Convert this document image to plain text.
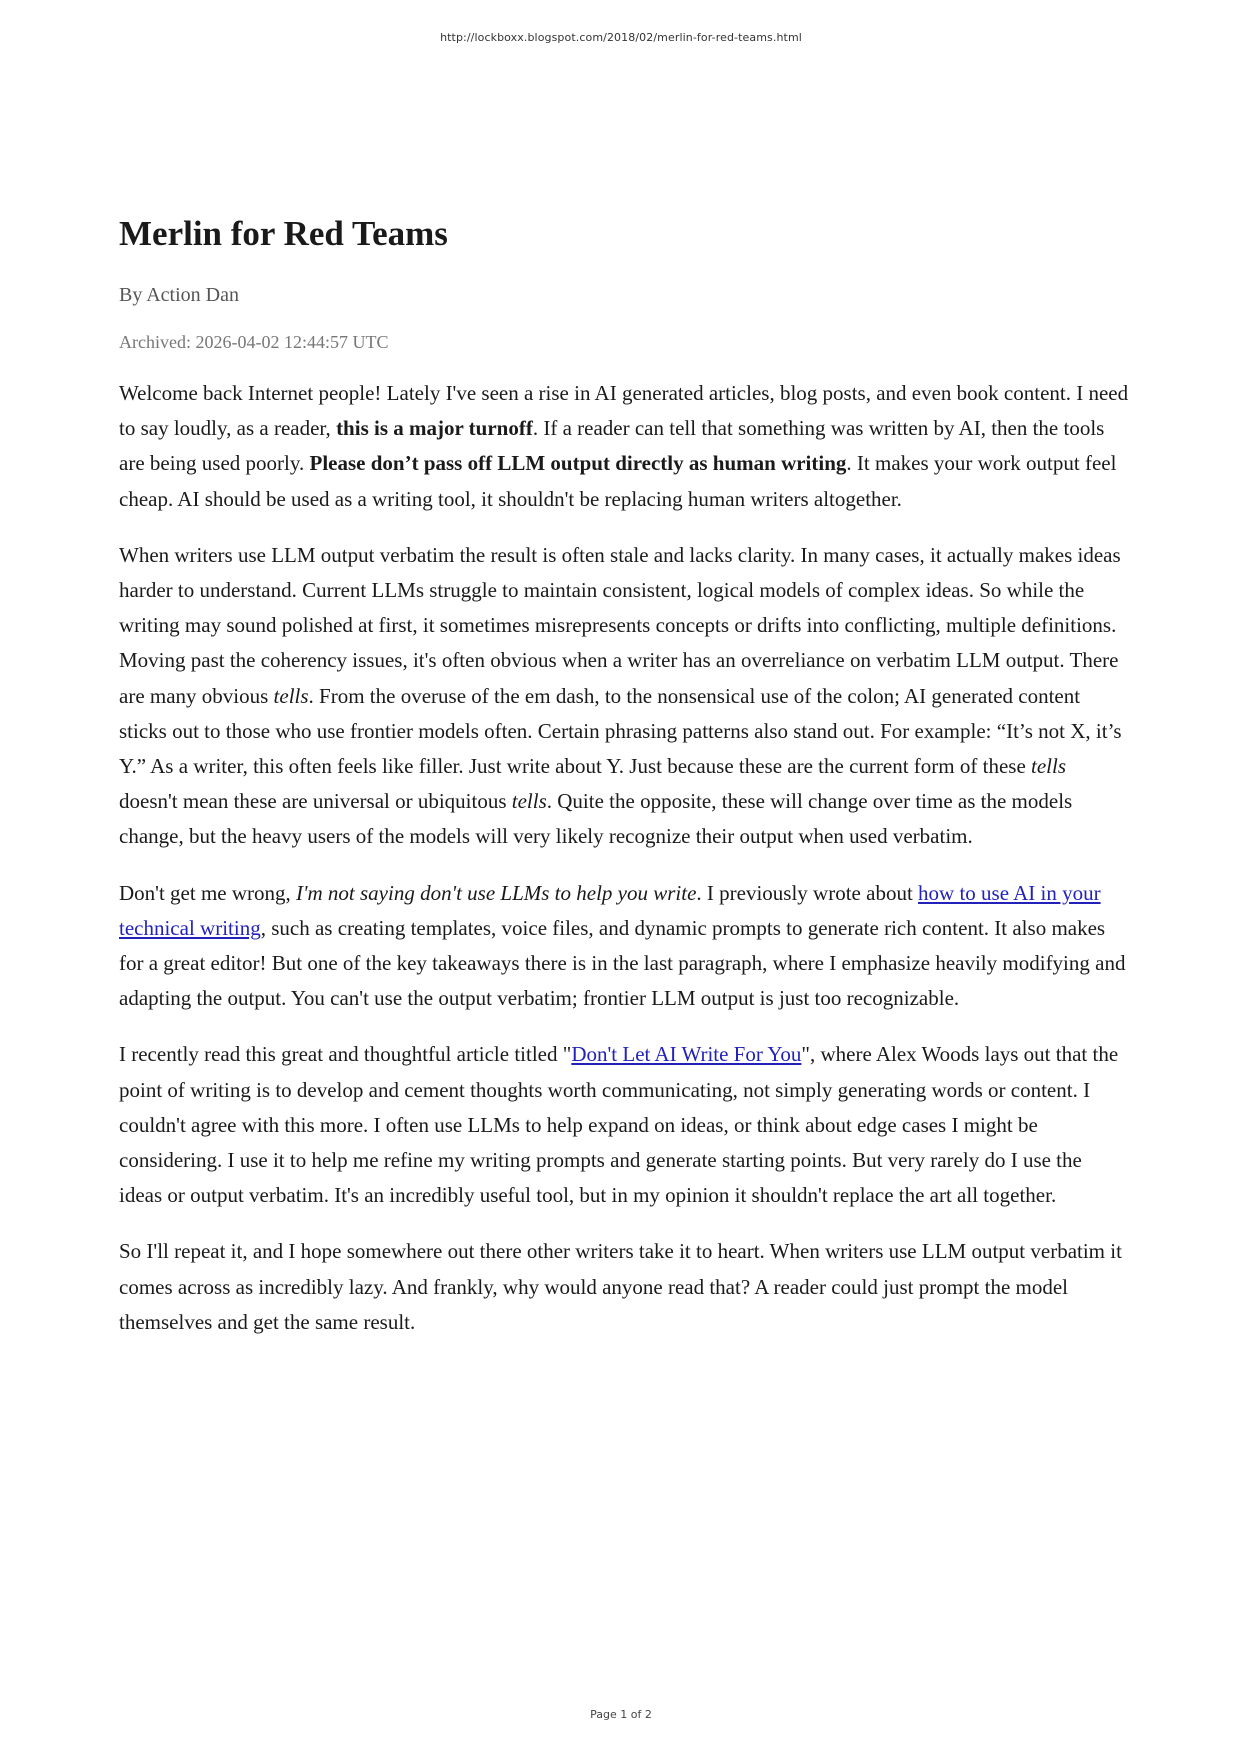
http://lockboxx.blogspot.com/2018/02/merlin-for-red-teams.html
Merlin for Red Teams
By Action Dan
Archived: 2026-04-02 12:44:57 UTC

Welcome back Internet people! Lately I've seen a rise in AI generated articles, blog posts, and even book content. I need to say loudly, as a reader, this is a major turnoff. If a reader can tell that something was written by AI, then the tools are being used poorly. Please don’t pass off LLM output directly as human writing. It makes your work output feel cheap. AI should be used as a writing tool, it shouldn't be replacing human writers altogether.

When writers use LLM output verbatim the result is often stale and lacks clarity. In many cases, it actually makes ideas harder to understand. Current LLMs struggle to maintain consistent, logical models of complex ideas. So while the writing may sound polished at first, it sometimes misrepresents concepts or drifts into conflicting, multiple definitions. Moving past the coherency issues, it's often obvious when a writer has an overreliance on verbatim LLM output. There are many obvious tells. From the overuse of the em dash, to the nonsensical use of the colon; AI generated content sticks out to those who use frontier models often. Certain phrasing patterns also stand out. For example: “It’s not X, it’s Y.” As a writer, this often feels like filler. Just write about Y. Just because these are the current form of these tells doesn't mean these are universal or ubiquitous tells. Quite the opposite, these will change over time as the models change, but the heavy users of the models will very likely recognize their output when used verbatim.

Don't get me wrong, I'm not saying don't use LLMs to help you write. I previously wrote about how to use AI in your technical writing, such as creating templates, voice files, and dynamic prompts to generate rich content. It also makes for a great editor! But one of the key takeaways there is in the last paragraph, where I emphasize heavily modifying and adapting the output. You can't use the output verbatim; frontier LLM output is just too recognizable.

I recently read this great and thoughtful article titled "Don't Let AI Write For You", where Alex Woods lays out that the point of writing is to develop and cement thoughts worth communicating, not simply generating words or content. I couldn't agree with this more. I often use LLMs to help expand on ideas, or think about edge cases I might be considering. I use it to help me refine my writing prompts and generate starting points. But very rarely do I use the ideas or output verbatim. It's an incredibly useful tool, but in my opinion it shouldn't replace the art all together.

So I'll repeat it, and I hope somewhere out there other writers take it to heart. When writers use LLM output verbatim it comes across as incredibly lazy. And frankly, why would anyone read that? A reader could just prompt the model themselves and get the same result.

Page 1 of 2
